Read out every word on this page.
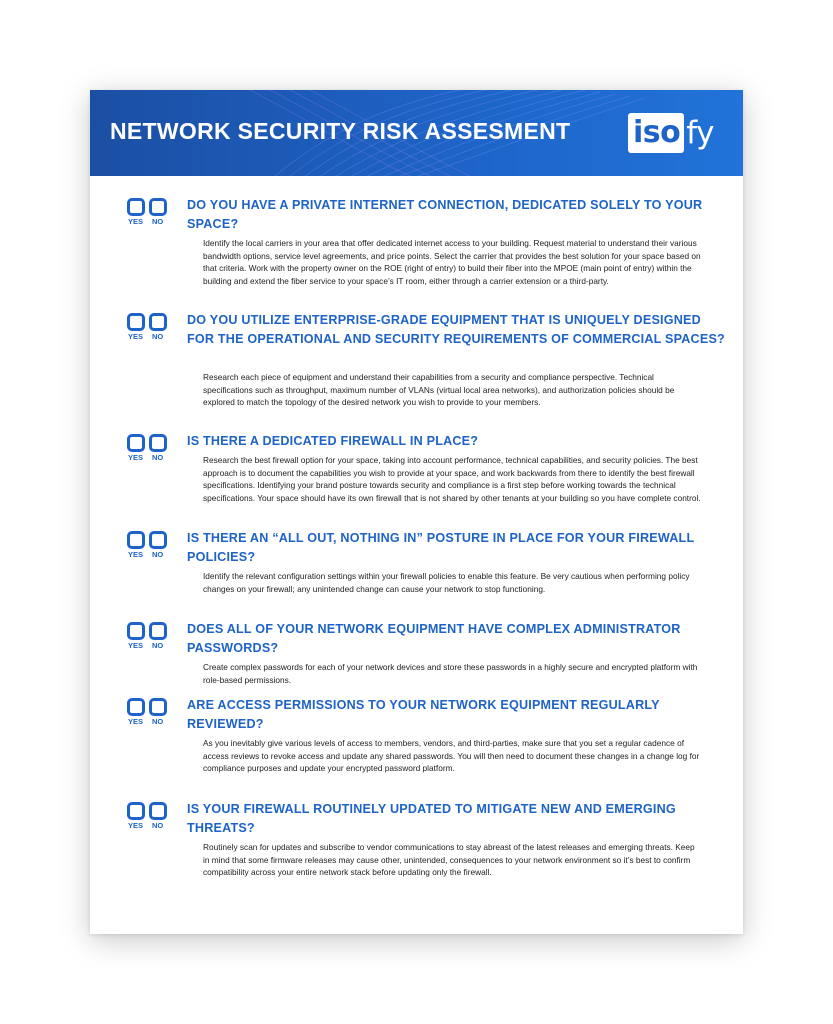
NETWORK SECURITY RISK ASSESMENT iso fy
YES NO
DO YOU HAVE A PRIVATE INTERNET CONNECTION, DEDICATED SOLELY TO YOUR SPACE?
Identify the local carriers in your area that offer dedicated internet access to your building. Request material to understand their various bandwidth options, service level agreements, and price points. Select the carrier that provides the best solution for your space based on that criteria. Work with the property owner on the ROE (right of entry) to build their fiber into the MPOE (main point of entry) within the building and extend the fiber service to your space’s IT room, either through a carrier extension or a third-party.
YES NO
DO YOU UTILIZE ENTERPRISE-GRADE EQUIPMENT THAT IS UNIQUELY DESIGNED FOR THE OPERATIONAL AND SECURITY REQUIREMENTS OF COMMERCIAL SPACES?
Research each piece of equipment and understand their capabilities from a security and compliance perspective. Technical specifications such as throughput, maximum number of VLANs (virtual local area networks), and authorization policies should be explored to match the topology of the desired network you wish to provide to your members.
YES NO
IS THERE A DEDICATED FIREWALL IN PLACE?
Research the best firewall option for your space, taking into account performance, technical capabilities, and security policies. The best approach is to document the capabilities you wish to provide at your space, and work backwards from there to identify the best firewall specifications. Identifying your brand posture towards security and compliance is a first step before working towards the technical specifications. Your space should have its own firewall that is not shared by other tenants at your building so you have complete control.
YES NO
IS THERE AN “ALL OUT, NOTHING IN” POSTURE IN PLACE FOR YOUR FIREWALL POLICIES?
Identify the relevant configuration settings within your firewall policies to enable this feature. Be very cautious when performing policy changes on your firewall; any unintended change can cause your network to stop functioning.
YES NO
DOES ALL OF YOUR NETWORK EQUIPMENT HAVE COMPLEX ADMINISTRATOR PASSWORDS?
Create complex passwords for each of your network devices and store these passwords in a highly secure and encrypted platform with role-based permissions.
YES NO
ARE ACCESS PERMISSIONS TO YOUR NETWORK EQUIPMENT REGULARLY REVIEWED?
As you inevitably give various levels of access to members, vendors, and third-parties, make sure that you set a regular cadence of access reviews to revoke access and update any shared passwords. You will then need to document these changes in a change log for compliance purposes and update your encrypted password platform.
YES NO
IS YOUR FIREWALL ROUTINELY UPDATED TO MITIGATE NEW AND EMERGING THREATS?
Routinely scan for updates and subscribe to vendor communications to stay abreast of the latest releases and emerging threats. Keep in mind that some firmware releases may cause other, unintended, consequences to your network environment so it’s best to confirm compatibility across your entire network stack before updating only the firewall.
